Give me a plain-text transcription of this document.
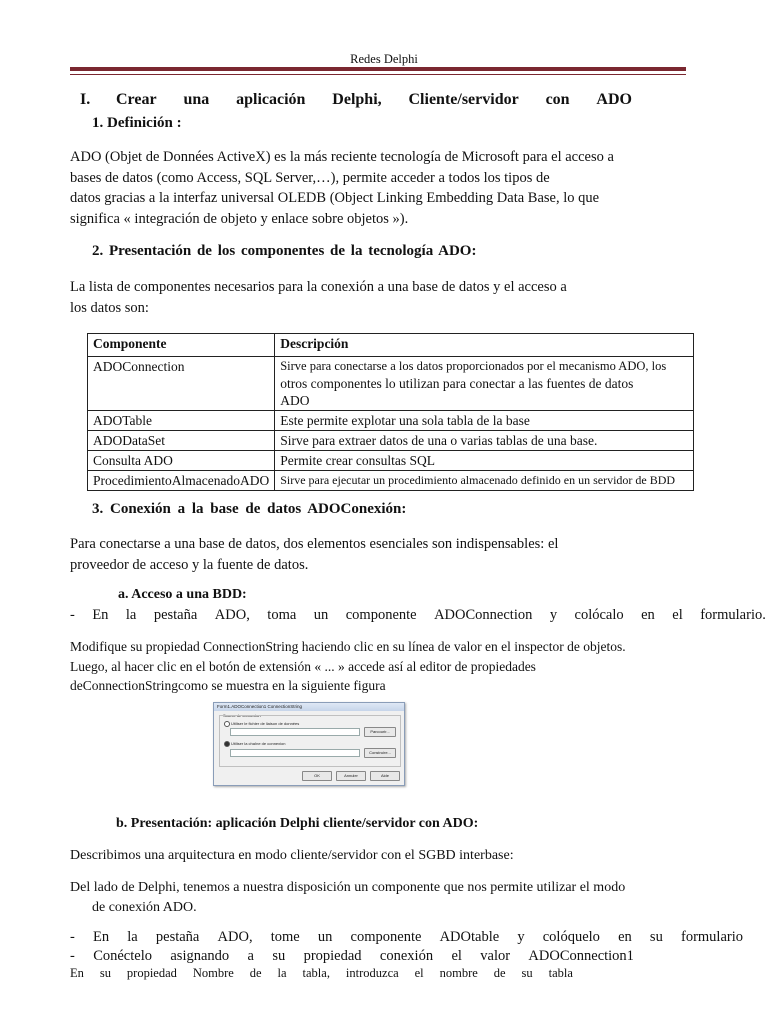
Redes Delphi
I. Crear una aplicación Delphi, Cliente/servidor con ADO
1. Definición :
ADO (Objet de Données ActiveX) es la más reciente tecnología de Microsoft para el acceso a
bases de datos (como Access, SQL Server,…), permite acceder a todos los tipos de
datos gracias a la interfaz universal OLEDB (Object Linking Embedding Data Base, lo que
significa « integración de objeto y enlace sobre objetos »).
2. Presentación de los componentes de la tecnología ADO:
La lista de componentes necesarios para la conexión a una base de datos y el acceso a
los datos son:
Componente	Descripción
ADOConnection	Sirve para conectarse a los datos proporcionados por el mecanismo ADO, los
otros componentes lo utilizan para conectar a las fuentes de datos
ADO

ADOTable	Este permite explotar una sola tabla de la base
ADODataSet	Sirve para extraer datos de una o varias tablas de una base.
Consulta ADO	Permite crear consultas SQL
ProcedimientoAlmacenadoADO	Sirve para ejecutar un procedimiento almacenado definido en un servidor de BDD
3. Conexión a la base de datos ADOConexión:
Para conectarse a una base de datos, dos elementos esenciales son indispensables: el
proveedor de acceso y la fuente de datos.
a. Acceso a una BDD:
- En la pestaña ADO, toma un componente ADOConnection y colócalo en el formulario.
Modifique su propiedad ConnectionString haciendo clic en su línea de valor en el inspector de objetos.
Luego, al hacer clic en el botón de extensión « ... » accede así al editor de propiedades
deConnectionStringcomo se muestra en la siguiente figura
Form1.ADOConnection1 ConnectionString
Source de connexion
Utiliser le fichier de liaison de données
Parcourir...
Utiliser la chaîne de connexion
Construire...
OK	Annuler	Aide
b. Presentación: aplicación Delphi cliente/servidor con ADO:
Describimos una arquitectura en modo cliente/servidor con el SGBD interbase:
Del lado de Delphi, tenemos a nuestra disposición un componente que nos permite utilizar el modo
de conexión ADO.
- En la pestaña ADO, tome un componente ADOtable y colóquelo en su formulario
- Conéctelo asignando a su propiedad conexión el valor ADOConnection1
En su propiedad Nombre de la tabla, introduzca el nombre de su tabla
